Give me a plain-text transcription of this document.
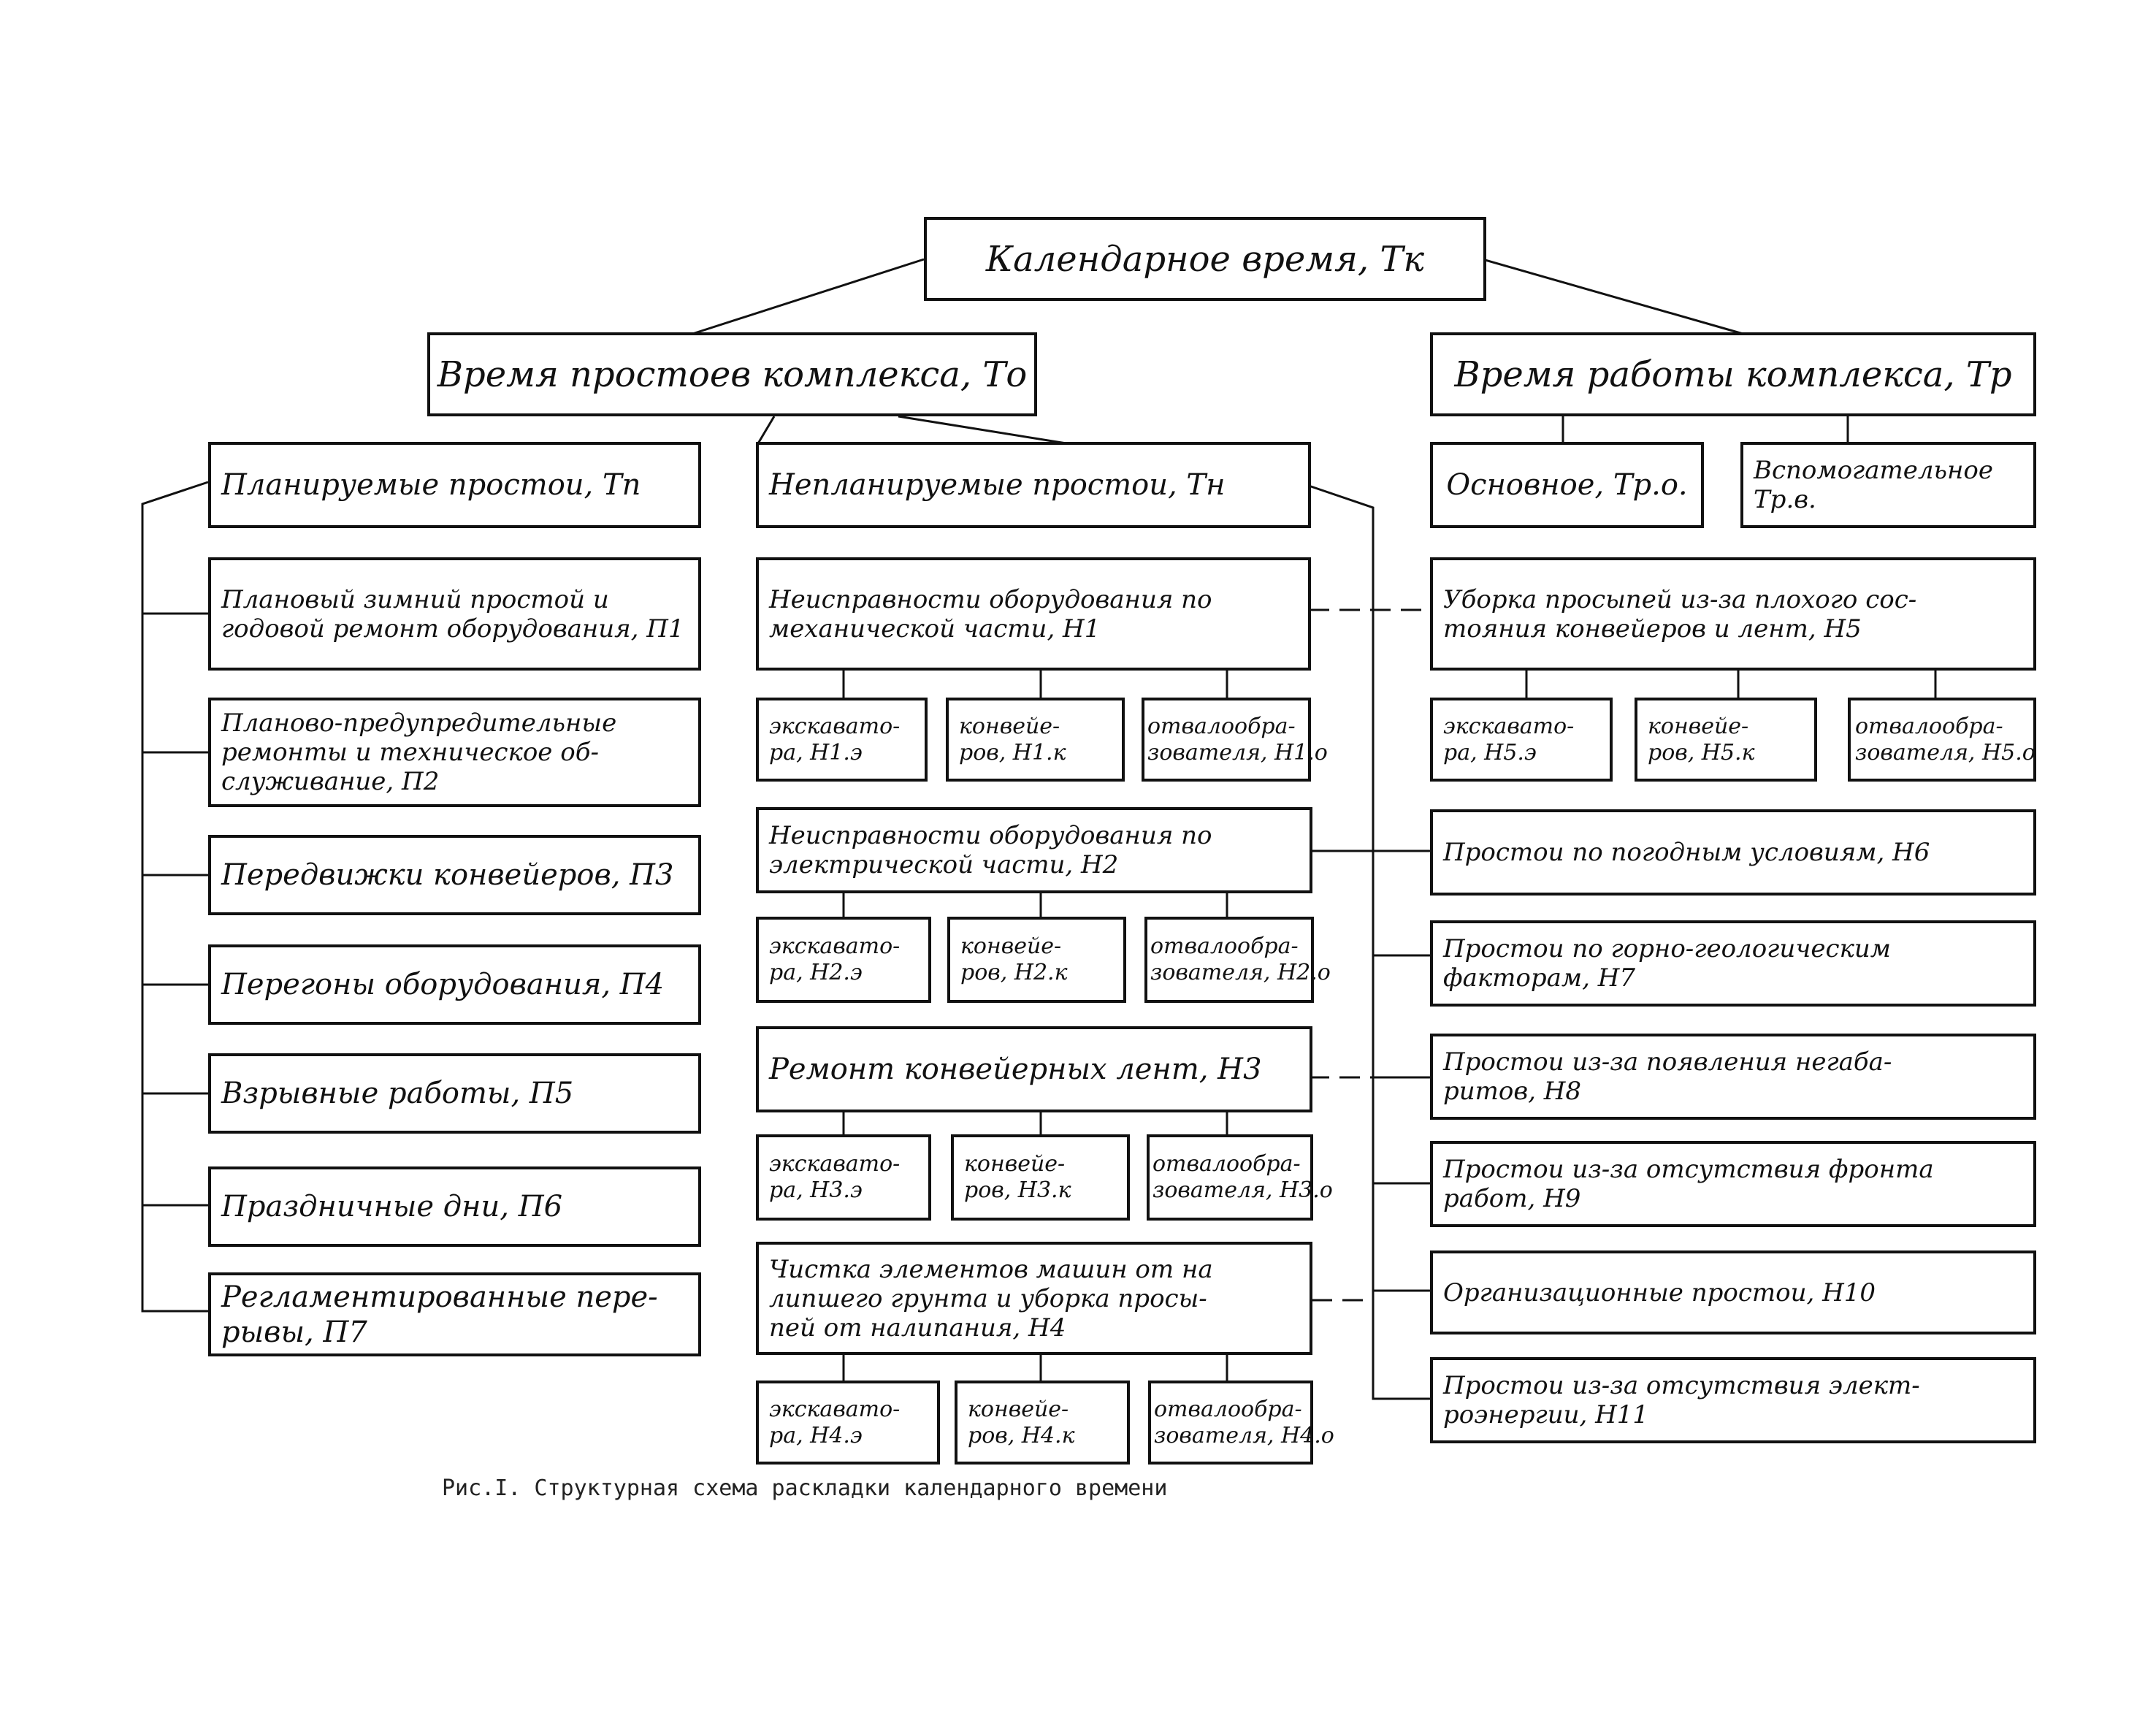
Календарное время, Тк
Время простоев комплекса, То	Время работы комплекса, Тр
Планируемые простои, Тп	Непланируемые простои, Тн	Основное, Тр.о.	Вспомогательное
Тр.в.
Плановый зимний простой и
годовой ремонт оборудования, П1
Планово-предупредительные
ремонты и техническое об-
служивание, П2
Передвижки конвейеров, П3
Перегоны оборудования, П4
Взрывные работы, П5
Праздничные дни, П6
Регламентированные пере-
рывы, П7
Неисправности оборудования по
механической части, Н1
экскавато-
ра, Н1.э
конвейе-
ров, Н1.к
отвалообра-
зователя, Н1.о
Неисправности оборудования по
электрической части, Н2
экскавато-
ра, Н2.э
конвейе-
ров, Н2.к
отвалообра-
зователя, Н2.о
Ремонт конвейерных лент, Н3
экскавато-
ра, Н3.э
конвейе-
ров, Н3.к
отвалообра-
зователя, Н3.о
Чистка элементов машин от на
липшего грунта и уборка просы-
пей от налипания, Н4
экскавато-
ра, Н4.э
конвейе-
ров, Н4.к
отвалообра-
зователя, Н4.о
Уборка просыпей из-за плохого сос-
тояния конвейеров и лент, Н5
экскавато-
ра, Н5.э
конвейе-
ров, Н5.к
отвалообра-
зователя, Н5.о
Простои по погодным условиям, Н6
Простои по горно-геологическим
факторам, Н7
Простои из-за появления негаба-
ритов, Н8
Простои из-за отсутствия фронта
работ, Н9
Организационные простои, Н10
Простои из-за отсутствия элект-
роэнергии, Н11
Рис.I. Структурная схема раскладки календарного времени
